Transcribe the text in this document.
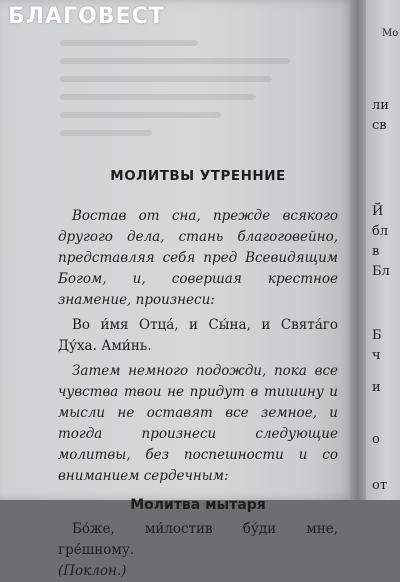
БЛАГОВЕСТ
МОЛИТВЫ УТРЕННИЕ

Востав от сна, прежде всякого другого дела, стань благоговейно, представляя себя пред Всевидящим Богом, и, совершая крестное знамение, произнеси:

Во и́мя Отца́, и Сы́на, и Свята́го Ду́ха. Ами́нь.

Затем немного подожди, пока все чувства твои не придут в тишину и мысли не оставят все земное, и тогда произнеси следующие молитвы, без поспешности и со вниманием сердечным:

Молитва мытаря

Бо́же, ми́лостив бу́ди мне, гре́шному.

(Поклон.)

Мо
ли
св
Й
бл
в
Бл
Б
ч
и
о
от
